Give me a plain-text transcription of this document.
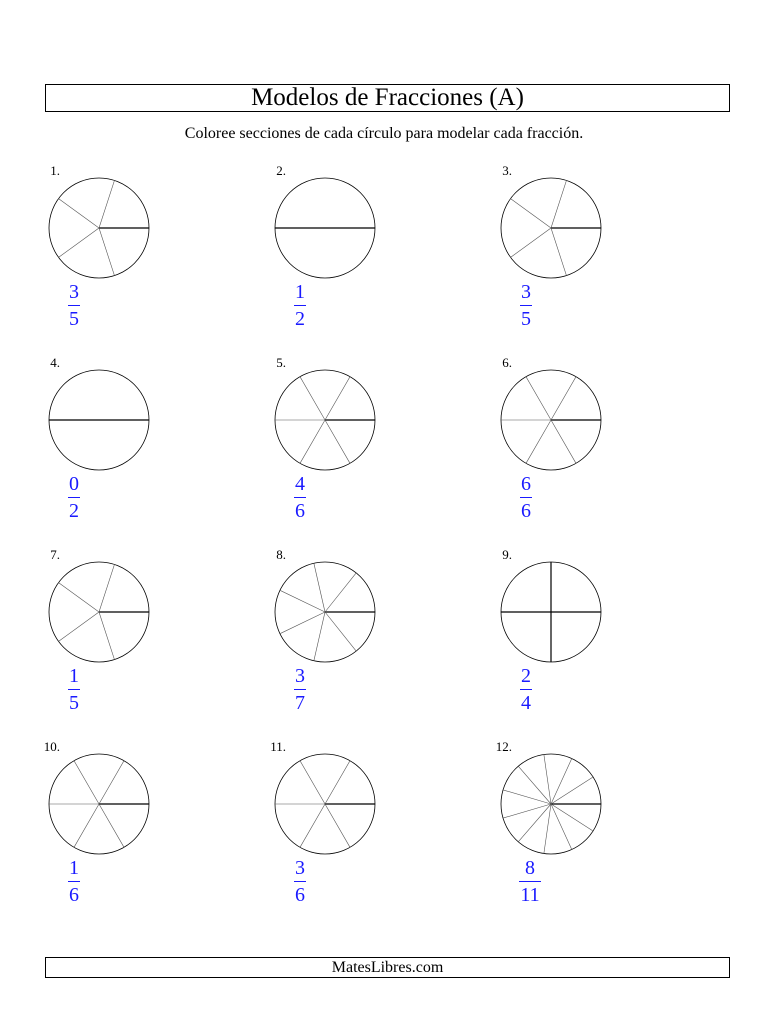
Modelos de Fracciones (A)
Coloree secciones de cada círculo para modelar cada fracción.
1.
3
5
2.
1
2
3.
3
5
4.
0
2
5.
4
6
6.
6
6
7.
1
5
8.
3
7
9.
2
4
10.
1
6
11.
3
6
12.
8
11
MatesLibres.com
